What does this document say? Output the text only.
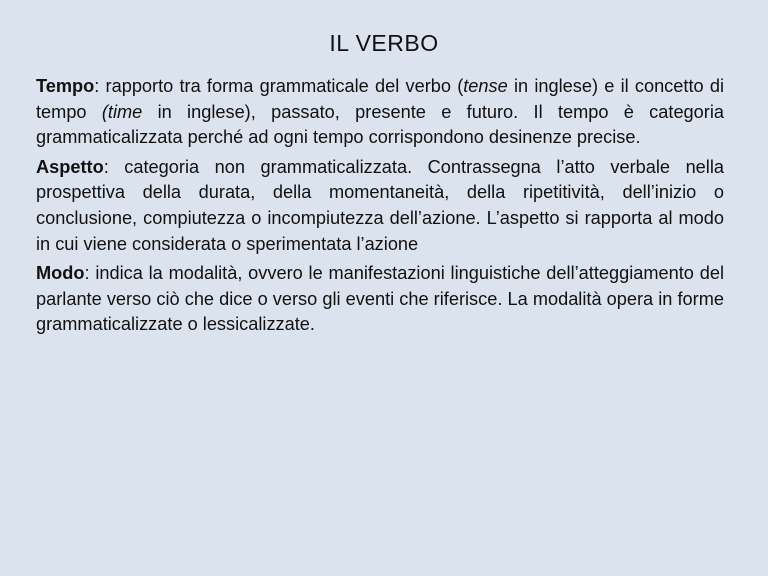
IL VERBO

Tempo: rapporto tra forma grammaticale del verbo (tense in inglese) e il concetto di tempo (time in inglese), passato, presente e futuro. Il tempo è categoria grammaticalizzata perché ad ogni tempo corrispondono desinenze precise.

Aspetto: categoria non grammaticalizzata. Contrassegna l’atto verbale nella prospettiva della durata, della momentaneità, della ripetitività, dell’inizio o conclusione, compiutezza o incompiutezza dell’azione. L’aspetto si rapporta al modo in cui viene considerata o sperimentata l’azione

Modo: indica la modalità, ovvero le manifestazioni linguistiche dell’atteggiamento del parlante verso ciò che dice o verso gli eventi che riferisce. La modalità opera in forme grammaticalizzate o lessicalizzate.
